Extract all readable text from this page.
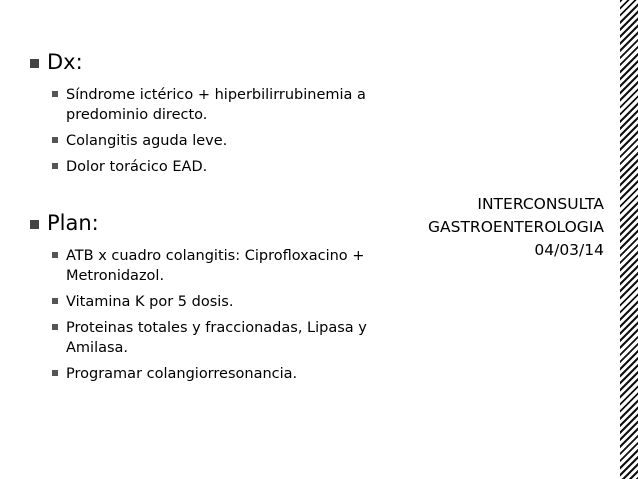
Dx:
Síndrome ictérico + hiperbilirrubinemia a predominio directo.
Colangitis aguda leve.
Dolor torácico EAD.
Plan:
ATB x cuadro colangitis: Ciprofloxacino + Metronidazol.
Vitamina K por 5 dosis.
Proteinas totales y fraccionadas, Lipasa y Amilasa.
Programar colangiorresonancia.
INTERCONSULTA
GASTROENTEROLOGIA
04/03/14
